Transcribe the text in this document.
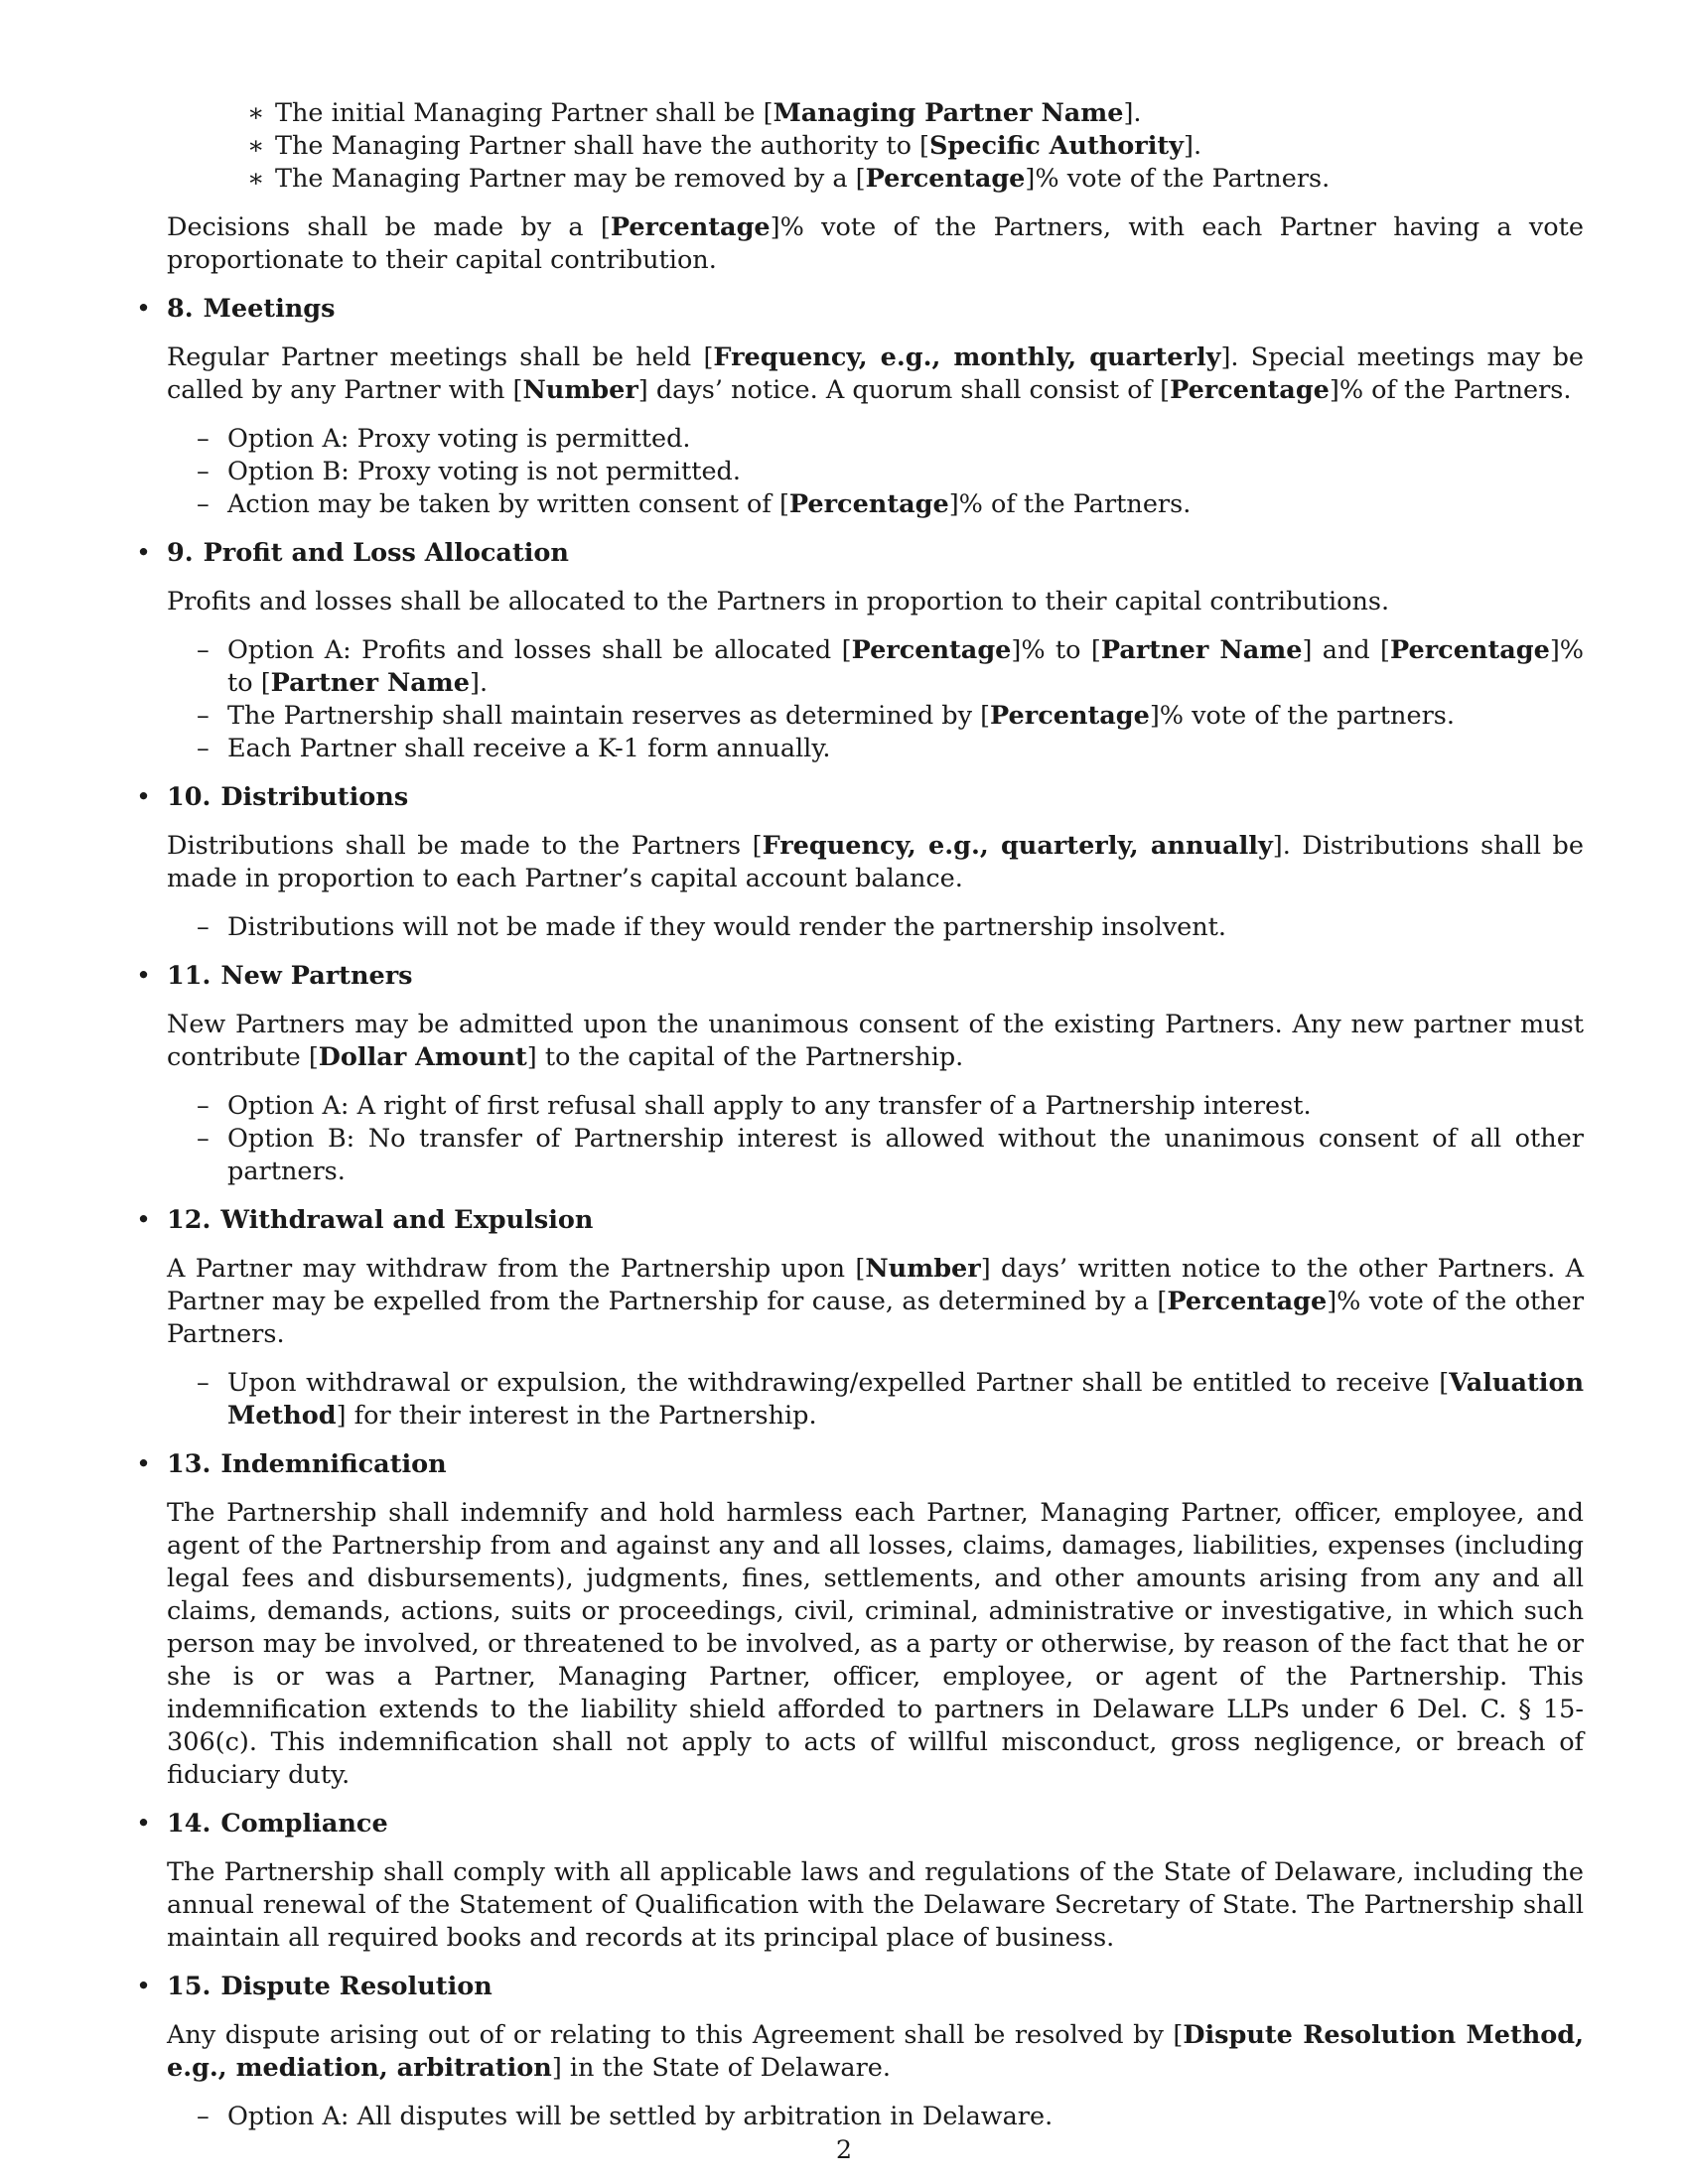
∗ The initial Managing Partner shall be [Managing Partner Name].
∗ The Managing Partner shall have the authority to [Specific Authority].
∗ The Managing Partner may be removed by a [Percentage]% vote of the Partners.

Decisions shall be made by a [Percentage]% vote of the Partners, with each Partner having a vote proportionate to their capital contribution.

• 8. Meetings

Regular Partner meetings shall be held [Frequency, e.g., monthly, quarterly]. Special meetings may be called by any Partner with [Number] days’ notice. A quorum shall consist of [Percentage]% of the Partners.

– Option A: Proxy voting is permitted.
– Option B: Proxy voting is not permitted.
– Action may be taken by written consent of [Percentage]% of the Partners.
• 9. Profit and Loss Allocation

Profits and losses shall be allocated to the Partners in proportion to their capital contributions.

– Option A: Profits and losses shall be allocated [Percentage]% to [Partner Name] and [Percentage]% to [Partner Name].
– The Partnership shall maintain reserves as determined by [Percentage]% vote of the partners.
– Each Partner shall receive a K-1 form annually.
• 10. Distributions

Distributions shall be made to the Partners [Frequency, e.g., quarterly, annually]. Distributions shall be made in proportion to each Partner’s capital account balance.

– Distributions will not be made if they would render the partnership insolvent.
• 11. New Partners

New Partners may be admitted upon the unanimous consent of the existing Partners. Any new partner must contribute [Dollar Amount] to the capital of the Partnership.

– Option A: A right of first refusal shall apply to any transfer of a Partnership interest.
– Option B: No transfer of Partnership interest is allowed without the unanimous consent of all other partners.
• 12. Withdrawal and Expulsion

A Partner may withdraw from the Partnership upon [Number] days’ written notice to the other Partners. A Partner may be expelled from the Partnership for cause, as determined by a [Percentage]% vote of the other Partners.

– Upon withdrawal or expulsion, the withdrawing/expelled Partner shall be entitled to receive [Valuation Method] for their interest in the Partnership.
• 13. Indemnification

The Partnership shall indemnify and hold harmless each Partner, Managing Partner, officer, employee, and agent of the Partnership from and against any and all losses, claims, damages, liabilities, expenses (including legal fees and disbursements), judgments, fines, settlements, and other amounts arising from any and all claims, demands, actions, suits or proceedings, civil, criminal, administrative or investigative, in which such person may be involved, or threatened to be involved, as a party or otherwise, by reason of the fact that he or she is or was a Partner, Managing Partner, officer, employee, or agent of the Partnership. This indemnification extends to the liability shield afforded to partners in Delaware LLPs under 6 Del. C. § 15-306(c). This indemnification shall not apply to acts of willful misconduct, gross negligence, or breach of fiduciary duty.

• 14. Compliance

The Partnership shall comply with all applicable laws and regulations of the State of Delaware, including the annual renewal of the Statement of Qualification with the Delaware Secretary of State. The Partnership shall maintain all required books and records at its principal place of business.

• 15. Dispute Resolution

Any dispute arising out of or relating to this Agreement shall be resolved by [Dispute Resolution Method, e.g., mediation, arbitration] in the State of Delaware.

– Option A: All disputes will be settled by arbitration in Delaware.
2
